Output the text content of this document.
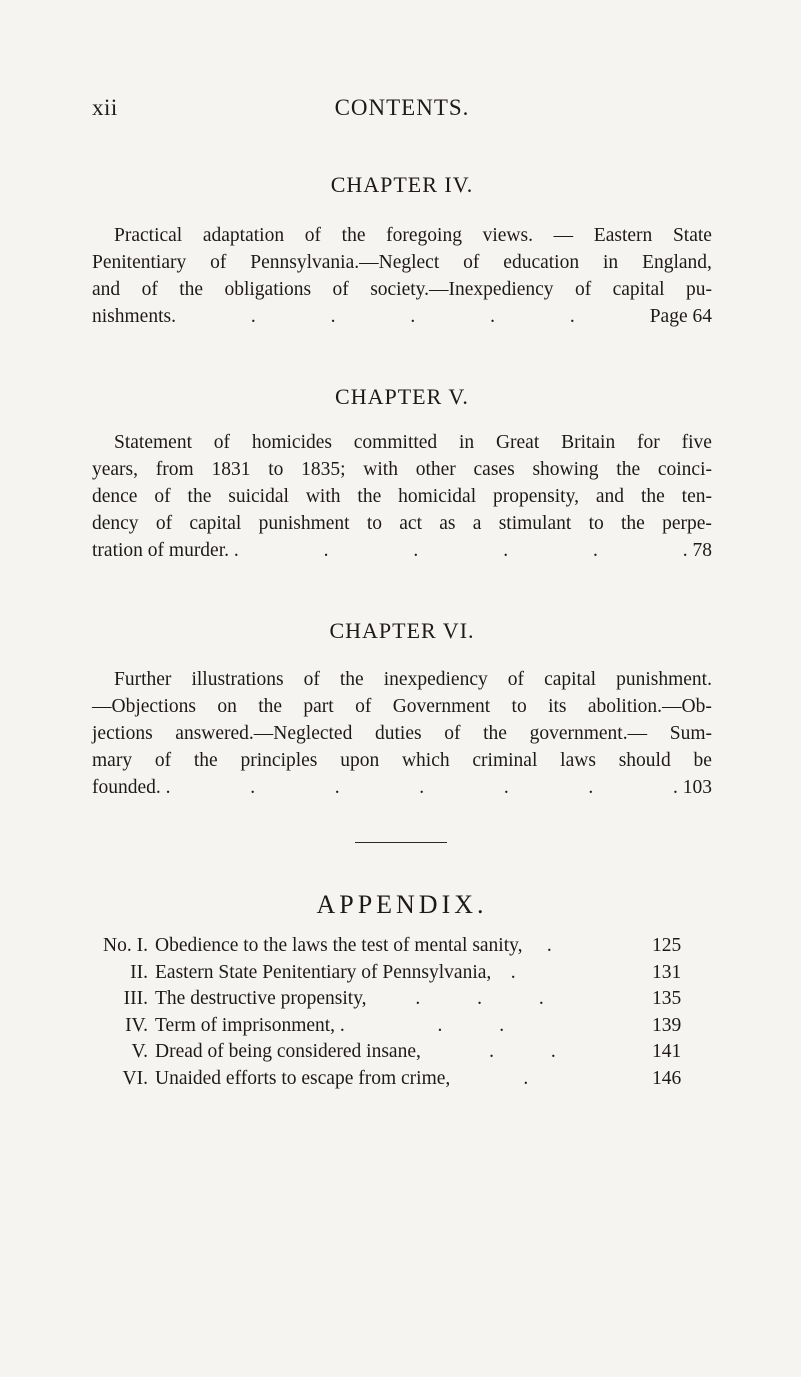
xii	CONTENTS.
CHAPTER IV.
Practical adaptation of the foregoing views. — Eastern State
Penitentiary of Pennsylvania.—Neglect of education in England,
and of the obligations of society.—Inexpediency of capital pu-
nishments.	.	.	.	.	.	Page 64
CHAPTER V.
Statement of homicides committed in Great Britain for five
years, from 1831 to 1835; with other cases showing the coinci-
dence of the suicidal with the homicidal propensity, and the ten-
dency of capital punishment to act as a stimulant to the perpe-
tration of murder. .	.	.	.	.	. 78
CHAPTER VI.
Further illustrations of the inexpediency of capital punishment.
—Objections on the part of Government to its abolition.—Ob-
jections answered.—Neglected duties of the government.— Sum-
mary of the principles upon which criminal laws should be
founded. .	.	.	.	.	.	. 103
APPENDIX.
No. I. Obedience to the laws the test of mental sanity, .	125
II. Eastern State Penitentiary of Pennsylvania, .	131
III. The destructive propensity,	. . .	135
IV. Term of imprisonment, .	. .	139
V. Dread of being considered insane,	. .	141
VI. Unaided efforts to escape from crime,	.	146
